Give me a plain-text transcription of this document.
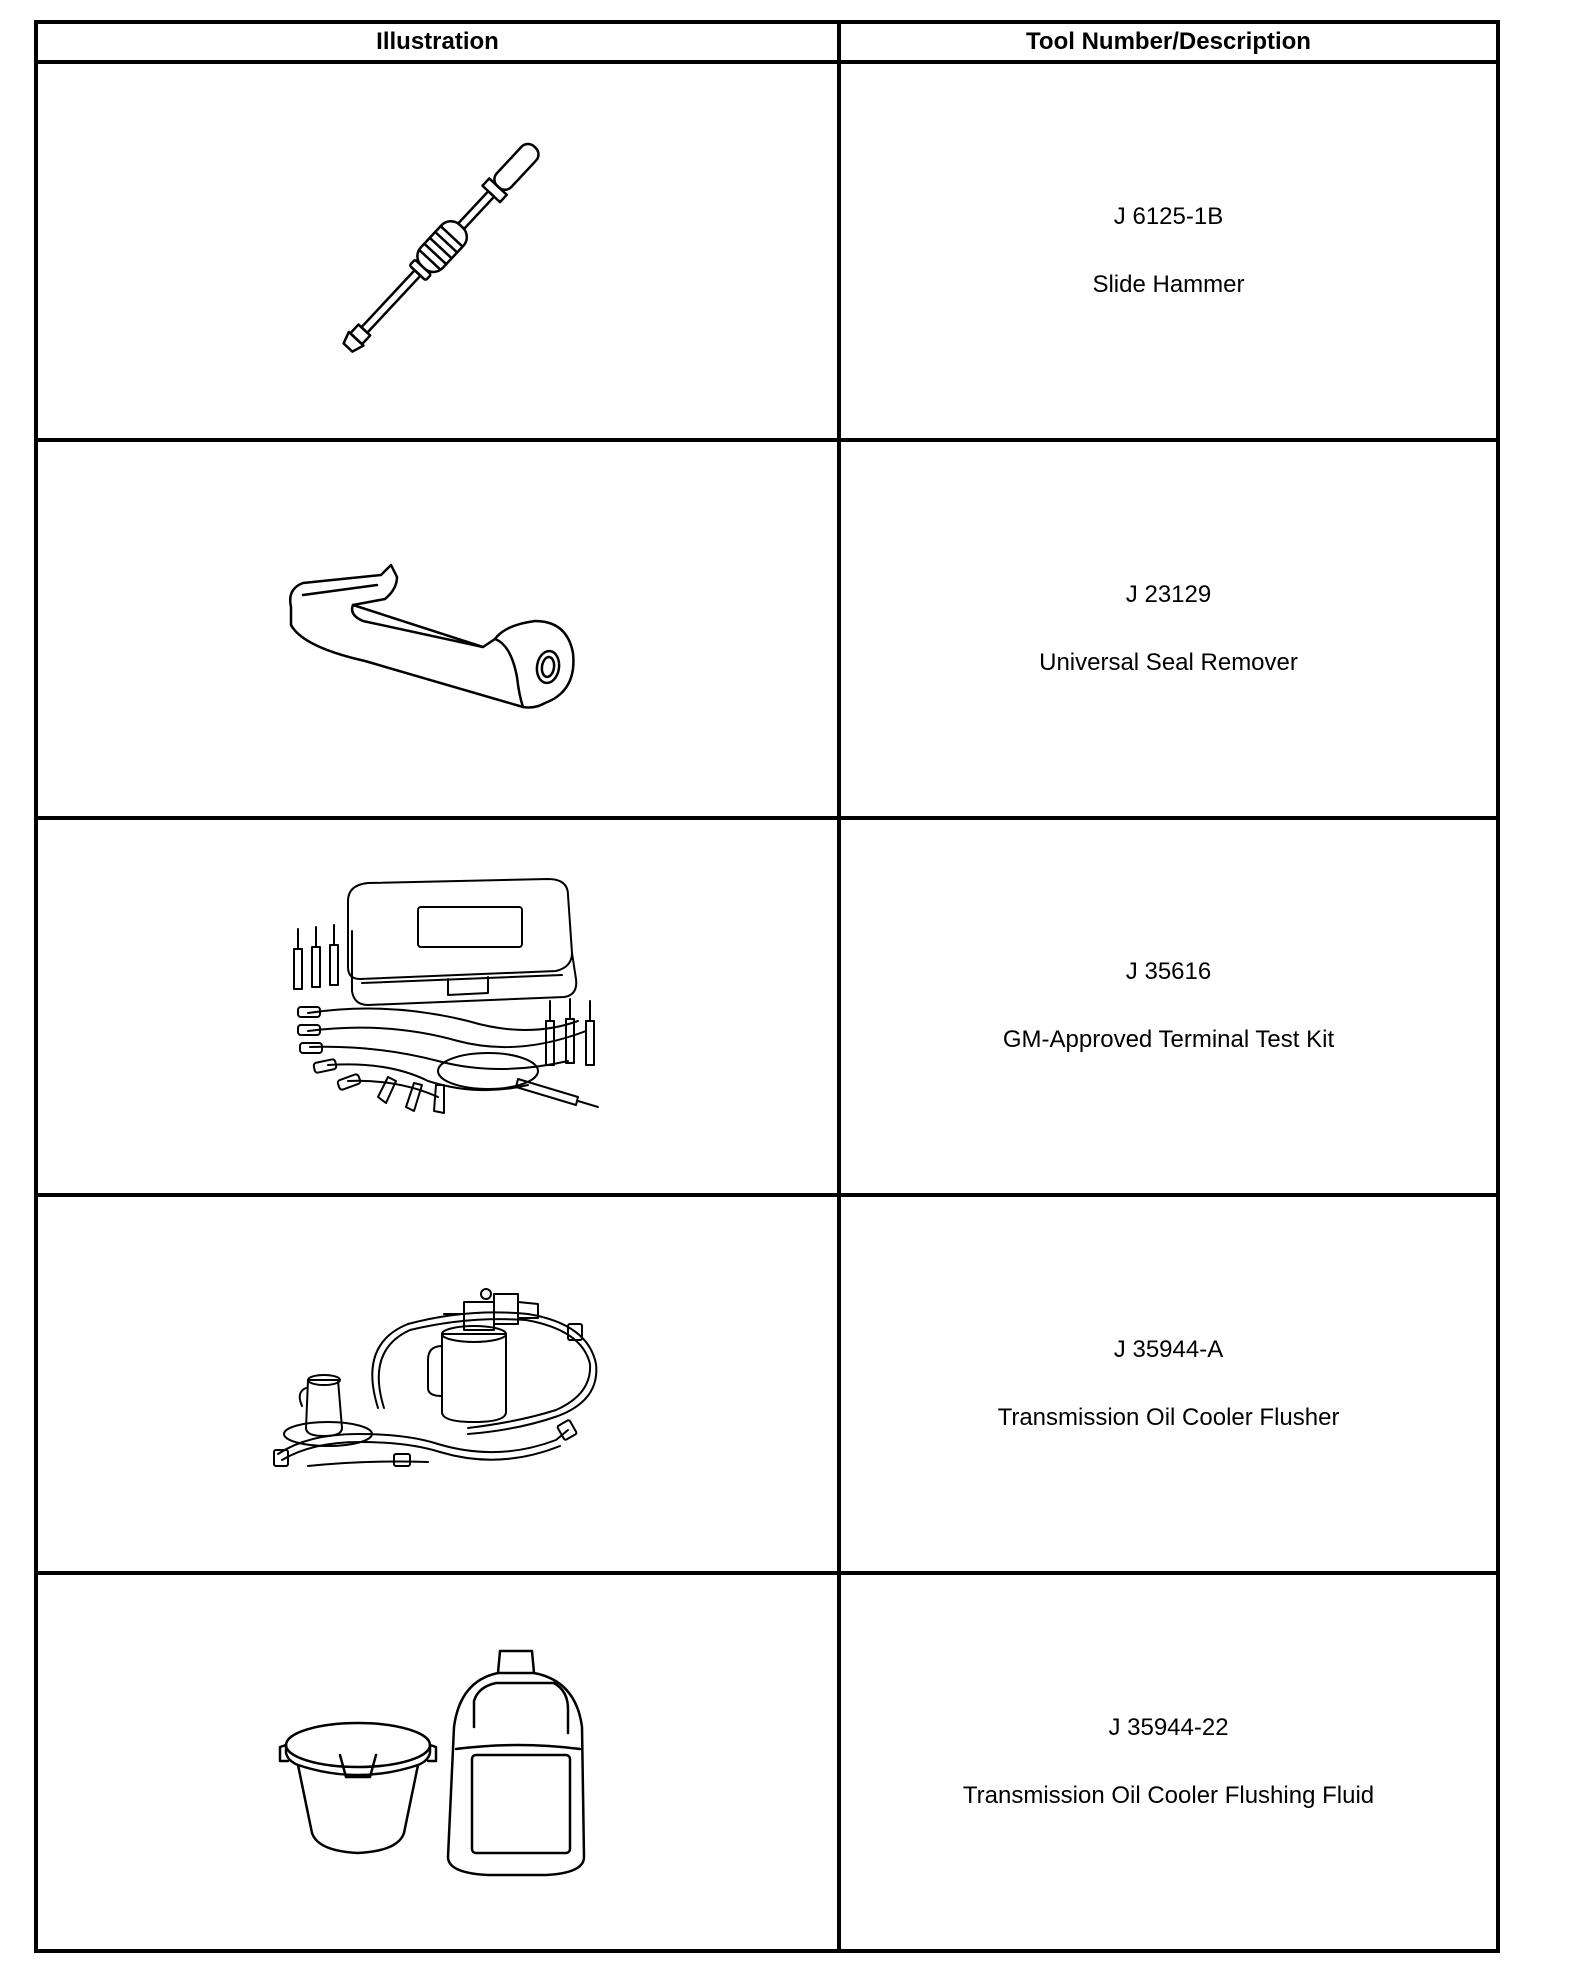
Illustration	Tool Number/Description

J 6125-1B
Slide Hammer

J 23129
Universal Seal Remover

J 35616
GM-Approved Terminal Test Kit

J 35944-A
Transmission Oil Cooler Flusher

J 35944-22
Transmission Oil Cooler Flushing Fluid
